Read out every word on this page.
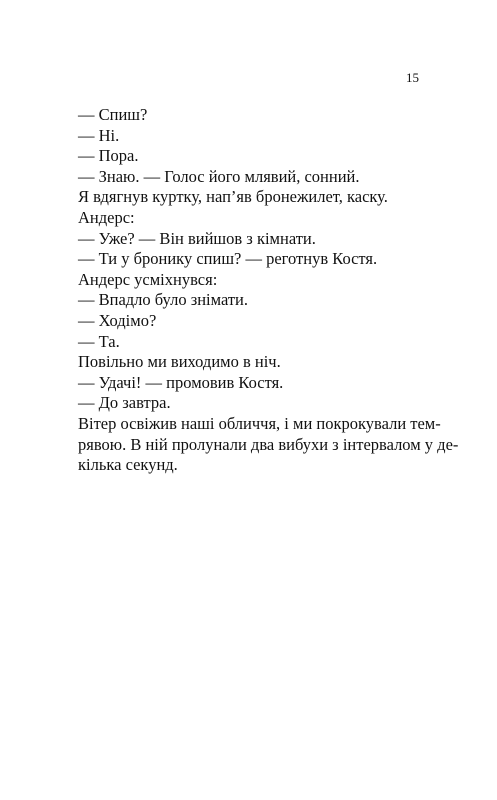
15

— Спиш?

— Ні.

— Пора.

— Знаю. — Голос його млявий, сонний.

Я вдягнув куртку, нап’яв бронежилет, каску.

Андерс:

— Уже? — Він вийшов з кімнати.

— Ти у бронику спиш? — реготнув Костя.

Андерс усміхнувся:

— Впадло було знімати.

— Ходімо?

— Та.

Повільно ми виходимо в ніч.

— Удачі! — промовив Костя.

— До завтра.

Вітер освіжив наші обличчя, і ми покрокували тем-
рявою. В ній пролунали два вибухи з інтервалом у де-
кілька секунд.
